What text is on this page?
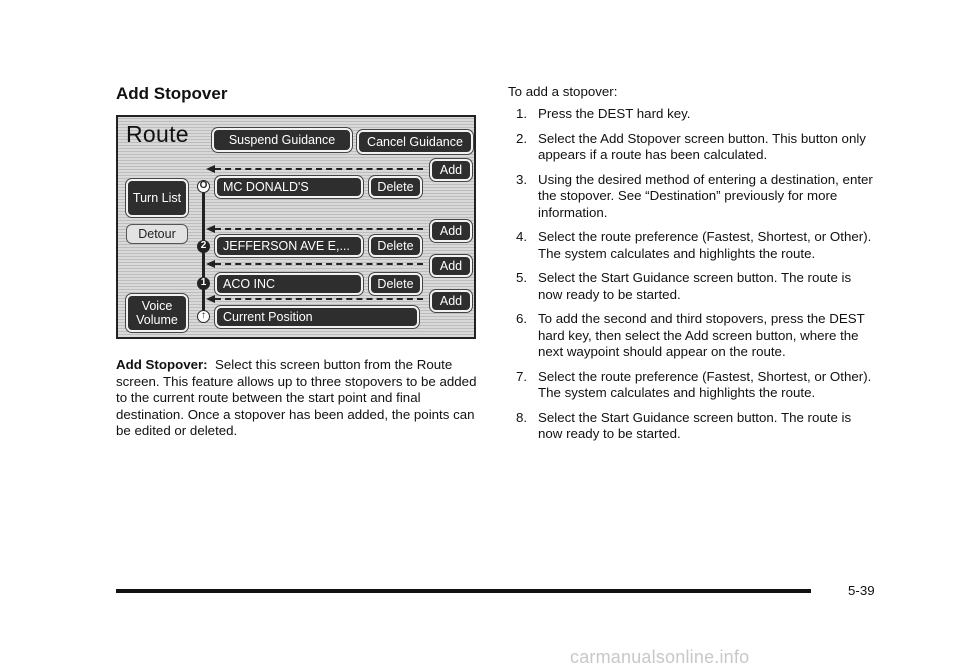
Add Stopover
Route	Suspend Guidance	Cancel Guidance
Turn List
Detour
Voice Volume
Add
Add
Add
Add
O
2
1
↑
MC DONALD'S
JEFFERSON AVE E,...
ACO INC
Current Position
Delete
Delete
Delete
Add Stopover: Select this screen button from the Route screen. This feature allows up to three stopovers to be added to the current route between the start point and final destination. Once a stopover has been added, the points can be edited or deleted.
To add a stopover:
1. Press the DEST hard key.
2. Select the Add Stopover screen button. This button only appears if a route has been calculated.
3. Using the desired method of entering a destination, enter the stopover. See “Destination” previously for more information.
4. Select the route preference (Fastest, Shortest, or Other). The system calculates and highlights the route.
5. Select the Start Guidance screen button. The route is now ready to be started.
6. To add the second and third stopovers, press the DEST hard key, then select the Add screen button, where the next waypoint should appear on the route.
7. Select the route preference (Fastest, Shortest, or Other). The system calculates and highlights the route.
8. Select the Start Guidance screen button. The route is now ready to be started.
5-39
carmanualsonline.info
